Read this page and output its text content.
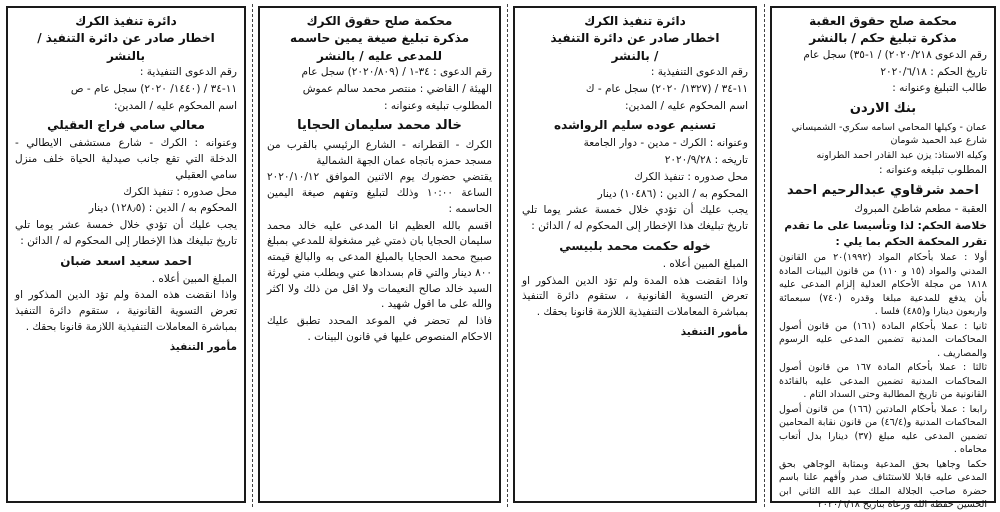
محكمة صلح حقوق العقبة

مذكرة تبليغ حكم / بالنشر

رقم الدعوى ٢٠٢٠/٢١٨) / ١-٣٥) سجل عام

تاريخ الحكم : ٢٠٢٠/٦/١٨

طالب التبليغ وعنوانه :

بنك الاردن

عمان - وكيلها المحامي اسامه سكري- الشميساني شارع عبد الحميد شومان

وكيله الاستاذ: يزن عبد القادر احمد الطراونه

المطلوب تبليغه وعنوانه :

احمد شرقاوي عبدالرحيم احمد

العقبة - مطعم شاطئ المبروك

خلاصة الحكم: لذا وتأسيسا على ما تقدم تقرر المحكمة الحكم بما يلي :

أولا : عملا بأحكام المواد (١٩٩٢)٢٠ من القانون المدني والمواد (١٥ و ١١٠) من قانون البينات المادة ١٨١٨ من مجلة الأحكام العدلية إلزام المدعى عليه بأن يدفع للمدعية مبلغا وقدره (٧٤٠) سبعمائة واربعون دينارا و(٤٨٥) فلسا .

ثانيا : عملا بأحكام المادة (١٦١) من قانون أصول المحاكمات المدنية تضمين المدعى عليه الرسوم والمصاريف .

ثالثا : عملا بأحكام المادة ١٦٧ من قانون أصول المحاكمات المدنية تضمين المدعى عليه بالفائدة القانونية من تاريخ المطالبة وحتى السداد التام .

رابعا : عملا بأحكام المادتين (١٦٦) من قانون أصول المحاكمات المدنية و(٤٦/٤) من قانون نقابة المحامين تضمين المدعى عليه مبلغ (٣٧) دينارا بدل أتعاب محاماه .

حكما وجاهيا بحق المدعية وبمثابة الوجاهي بحق المدعى عليه قابلا للاستئناف صدر وأفهم علنا باسم حضرة صاحب الجلالة الملك عبد الله الثاني ابن الحسين حفظه الله ورعاه بتاريخ ٢٠٢٠/٦/١٨

دائرة تنفيذ الكرك

اخطار صادر عن دائرة التنفيذ

/ بالنشر

رقم الدعوى التنفيذية :

١١-٣٤ / (١٣٢٧/ ٢٠٢٠) سجل عام - ك

اسم المحكوم عليه / المدين:

تسنيم عوده سليم الرواشده

وعنوانه : الكرك - مدين - دوار الجامعة

تاريخه : ٢٠٢٠/٩/٢٨

محل صدوره : تنفيذ الكرك

المحكوم به / الدين : (١٠٤٨٦) دينار

يجب عليك أن تؤدي خلال خمسة عشر يوما تلي تاريخ تبليغك هذا الإخطار إلى المحكوم له / الدائن :

خوله حكمت محمد بلبيسي

المبلغ المبين أعلاه .

واذا انقضت هذه المدة ولم تؤد الدين المذكور او تعرض التسوية القانونية ، ستقوم دائرة التنفيذ بمباشرة المعاملات التنفيذية اللازمة قانونا بحقك .

مأمور التنفيذ

محكمة صلح حقوق الكرك

مذكرة تبليغ صيغة يمين حاسمه

للمدعى عليه / بالنشر

رقم الدعوى : ٣٤-١ / (٢٠٢٠/٨٠٩) سجل عام

الهيئة / القاضي : منتصر محمد سالم عموش

المطلوب تبليغه وعنوانه :

خالد محمد سليمان الحجايا

الكرك - القطرانه - الشارع الرئيسي بالقرب من مسجد حمزه باتجاه عمان الجهة الشمالية

يقتضي حضورك يوم الاثنين الموافق ٢٠٢٠/١٠/١٢ الساعة ١٠:٠٠ وذلك لتبليغ وتفهم صيغة اليمين الحاسمه :

اقسم بالله العظيم انا المدعى عليه خالد محمد سليمان الحجايا بان ذمتي غير مشغولة للمدعي بمبلغ صبيح محمد الحجايا بالمبلغ المدعى به والبالغ قيمته ٨٠٠ دينار والتي قام بسدادها عني وبطلب مني لورثة السيد خالد صالح النعيمات ولا اقل من ذلك ولا اكثر والله على ما اقول شهيد .

فاذا لم تحضر في الموعد المحدد تطبق عليك الاحكام المنصوص عليها في قانون البينات .

دائرة تنفيذ الكرك

اخطار صادر عن دائرة التنفيذ /

بالنشر

رقم الدعوى التنفيذية :

١١-٣٤ / (١٤٤٠/ ٢٠٢٠) سجل عام - ص

اسم المحكوم عليه / المدين:

معالي سامي فراج العقيلي

وعنوانه : الكرك - شارع مستشفى الايطالي - الدخلة التي تقع جانب صيدلية الحياة خلف منزل سامي العقيلي

محل صدوره : تنفيذ الكرك

المحكوم به / الدين : (١٢٨٫٥) دينار

يجب عليك أن تؤدي خلال خمسة عشر يوما تلي تاريخ تبليغك هذا الإخطار إلى المحكوم له / الدائن :

احمد سعيد اسعد ضبان

المبلغ المبين أعلاه .

واذا انقضت هذه المدة ولم تؤد الدين المذكور او تعرض التسوية القانونية ، ستقوم دائرة التنفيذ بمباشرة المعاملات التنفيذية اللازمة قانونا بحقك .

مأمور التنفيذ
